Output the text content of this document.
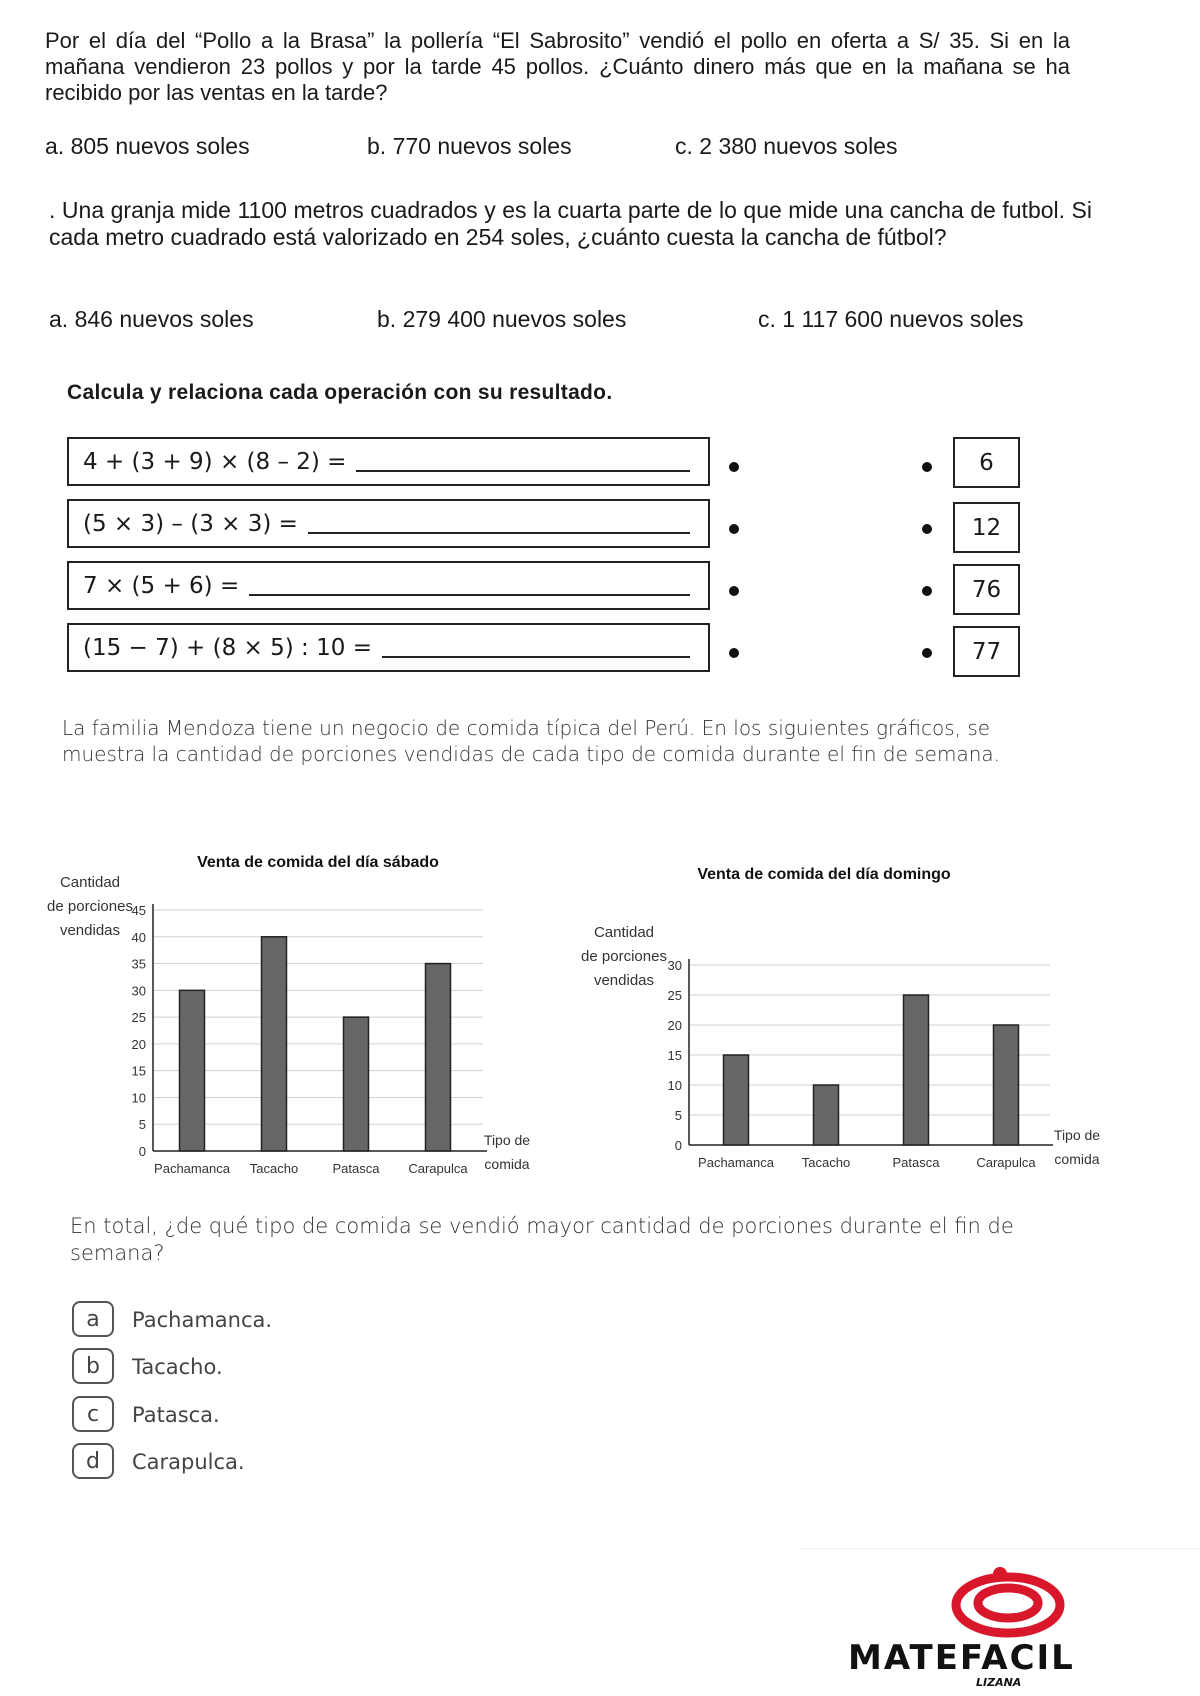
Por el día del “Pollo a la Brasa” la pollería “El Sabrosito” vendió el pollo en oferta a S/ 35. Si en la mañana vendieron 23 pollos y por la tarde 45 pollos. ¿Cuánto dinero más que en la mañana se ha recibido por las ventas en la tarde?
a. 805 nuevos soles	b. 770 nuevos soles	c. 2 380 nuevos soles
. Una granja mide 1100 metros cuadrados y es la cuarta parte de lo que mide una cancha de futbol. Si cada metro cuadrado está valorizado en 254 soles, ¿cuánto cuesta la cancha de fútbol?
a. 846 nuevos soles	b. 279 400 nuevos soles	c. 1 117 600 nuevos soles
Calcula y relaciona cada operación con su resultado.
4 + (3 + 9) × (8 – 2) =
(5 × 3) – (3 × 3) =
7 × (5 + 6) =
(15 − 7) + (8 × 5) : 10 =
6
12
76
77
La familia Mendoza tiene un negocio de comida típica del Perú. En los siguientes gráficos, se muestra la cantidad de porciones vendidas de cada tipo de comida durante el fin de semana.
Venta de comida del día sábado
0
5
10
15
20
25
30
35
40
45
Pachamanca Tacacho	Patasca Carapulca
Cantidad
de porciones
vendidas
Tipo de
comida
Venta de comida del día domingo
0
5
10
15
20
25
30
Pachamanca Tacacho	Patasca	Carapulca
Cantidad
de porciones
vendidas
Tipo de
comida
En total, ¿de qué tipo de comida se vendió mayor cantidad de porciones durante el fin de semana?
a	Pachamanca.
b	Tacacho.
c	Patasca.
d	Carapulca.
MATEFACIL
LIZANA
